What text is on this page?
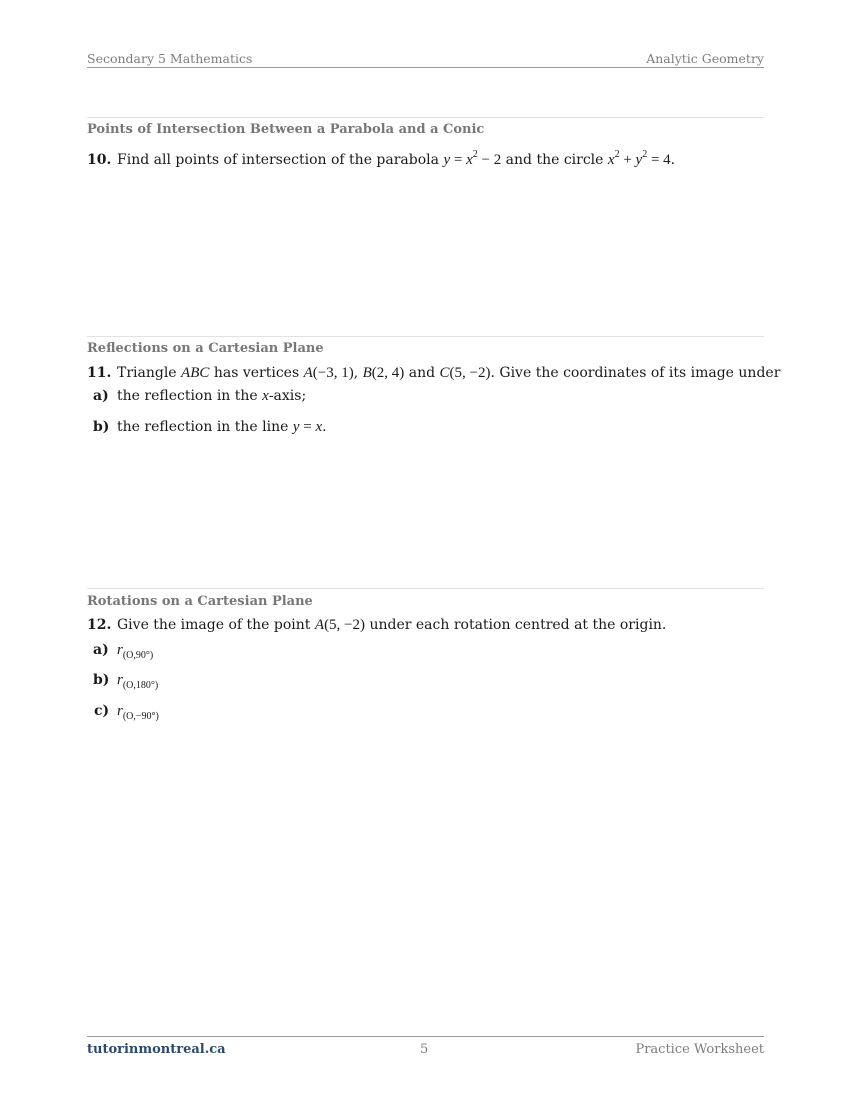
Secondary 5 Mathematics	Analytic Geometry
Points of Intersection Between a Parabola and a Conic
10. Find all points of intersection of the parabola $y = x^2 - 2$ and the circle $x^2 + y^2 = 4$.
Reflections on a Cartesian Plane
11. Triangle ABC has vertices A(−3, 1), B(2, 4) and C(5, −2). Give the coordinates of its image under
a) the reflection in the x-axis;
b) the reflection in the line y = x.
Rotations on a Cartesian Plane
12. Give the image of the point A(5, −2) under each rotation centred at the origin.
a) $r_{(O,90^\circ)}$
b) $r_{(O,180^\circ)}$
c) $r_{(O,-90^\circ)}$
tutorinmontreal.ca	5	Practice Worksheet
